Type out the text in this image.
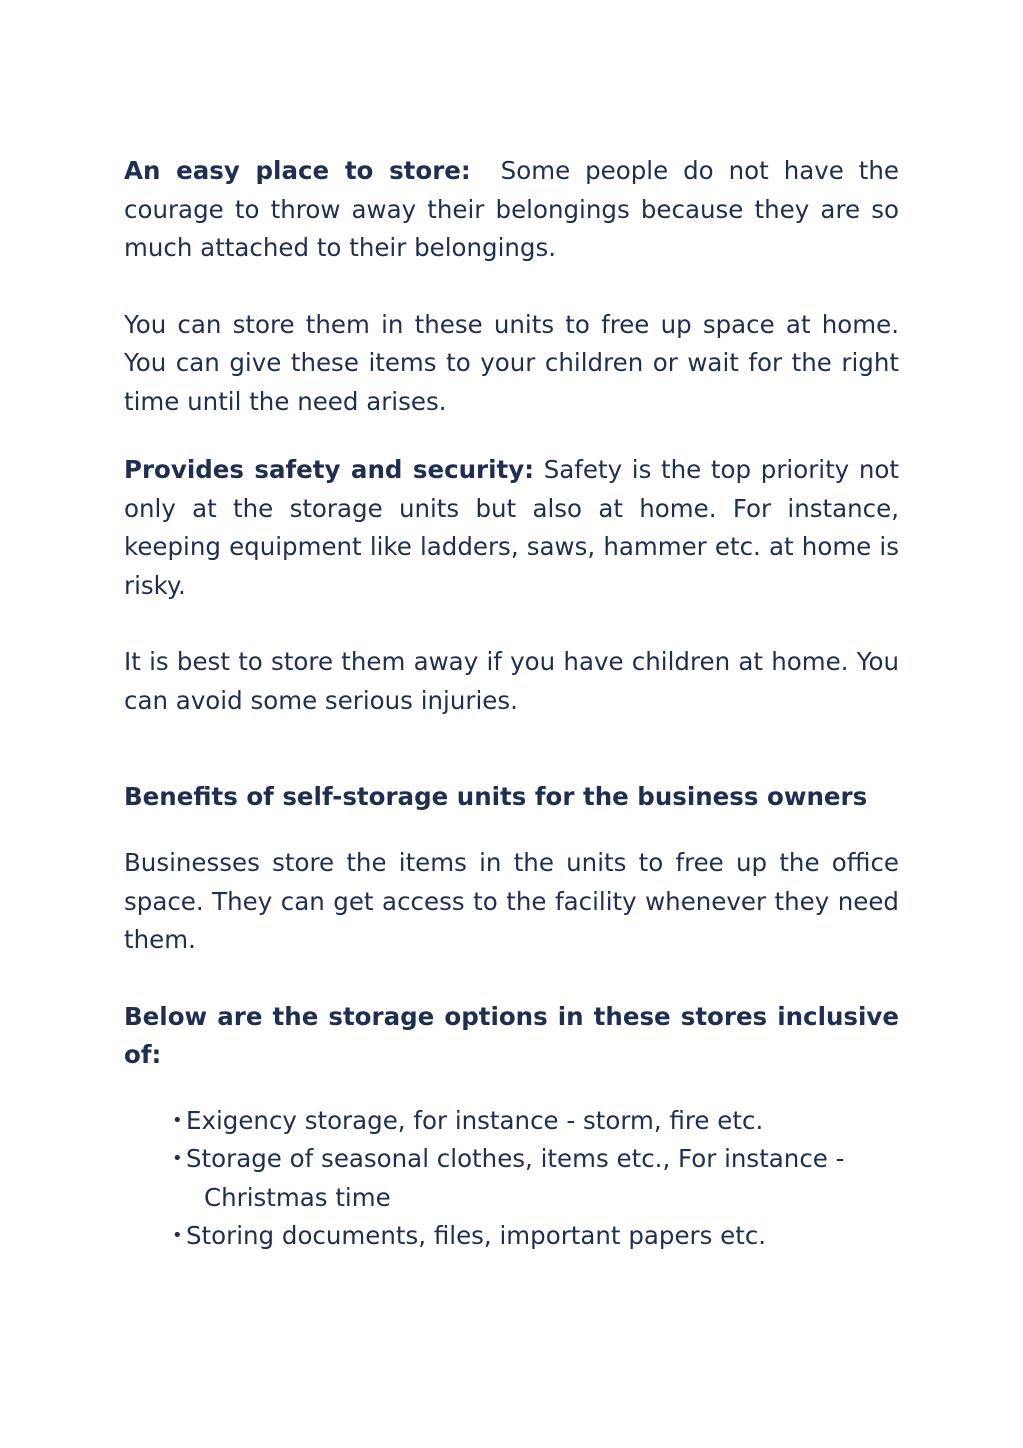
An easy place to store: Some people do not have the courage to throw away their belongings because they are so much attached to their belongings.

You can store them in these units to free up space at home. You can give these items to your children or wait for the right time until the need arises.

Provides safety and security: Safety is the top priority not only at the storage units but also at home. For instance, keeping equipment like ladders, saws, hammer etc. at home is risky.

It is best to store them away if you have children at home. You can avoid some serious injuries.

Benefits of self-storage units for the business owners

Businesses store the items in the units to free up the office space. They can get access to the facility whenever they need them.

Below are the storage options in these stores inclusive of:

• Exigency storage, for instance - storm, fire etc.
• Storage of seasonal clothes, items etc., For instance -
Christmas time
• Storing documents, files, important papers etc.
